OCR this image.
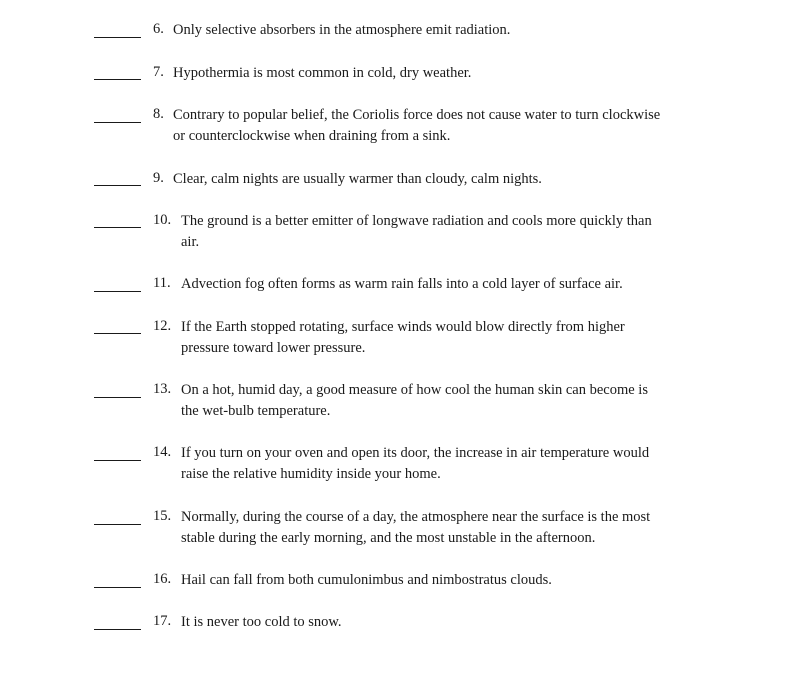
6. Only selective absorbers in the atmosphere emit radiation.
7. Hypothermia is most common in cold, dry weather.
8. Contrary to popular belief, the Coriolis force does not cause water to turn clockwise
or counterclockwise when draining from a sink.
9. Clear, calm nights are usually warmer than cloudy, calm nights.
10. The ground is a better emitter of longwave radiation and cools more quickly than
air.
11. Advection fog often forms as warm rain falls into a cold layer of surface air.
12. If the Earth stopped rotating, surface winds would blow directly from higher
pressure toward lower pressure.
13. On a hot, humid day, a good measure of how cool the human skin can become is
the wet-bulb temperature.
14. If you turn on your oven and open its door, the increase in air temperature would
raise the relative humidity inside your home.
15. Normally, during the course of a day, the atmosphere near the surface is the most
stable during the early morning, and the most unstable in the afternoon.
16. Hail can fall from both cumulonimbus and nimbostratus clouds.
17. It is never too cold to snow.
